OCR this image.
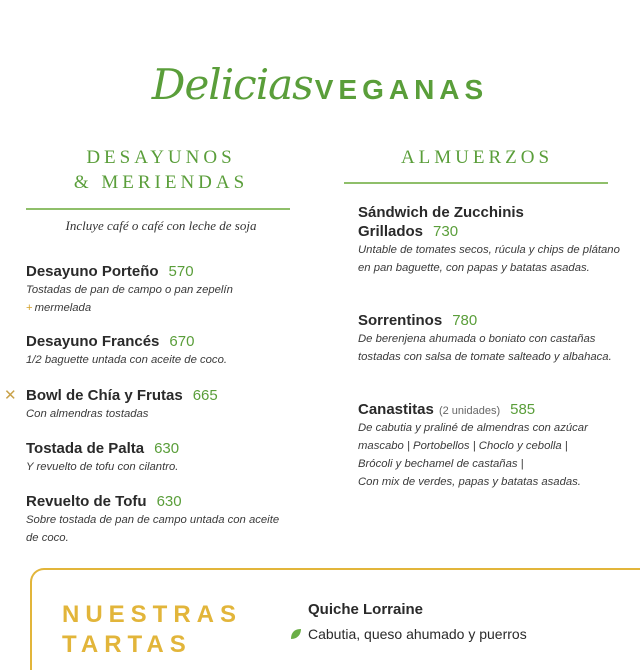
DeliciasVEGANAS
DESAYUNOS
& MERIENDAS
Incluye café o café con leche de soja
Desayuno Porteño 570
Tostadas de pan de campo o pan zepelín
+ mermelada
Desayuno Francés 670
1/2 baguette untada con aceite de coco.
✕ Bowl de Chía y Frutas 665
Con almendras tostadas
Tostada de Palta 630
Y revuelto de tofu con cilantro.
Revuelto de Tofu 630
Sobre tostada de pan de campo untada con aceite de coco.
ALMUERZOS
Sándwich de Zucchinis
Grillados 730
Untable de tomates secos, rúcula y chips de plátano en pan baguette, con papas y batatas asadas.
Sorrentinos 780
De berenjena ahumada o boniato con castañas tostadas con salsa de tomate salteado y albahaca.
Canastitas (2 unidades) 585
De cabutia y praliné de almendras con azúcar
mascabo | Portobellos | Choclo y cebolla |
Brócoli y bechamel de castañas |
Con mix de verdes, papas y batatas asadas.
NUESTRAS
TARTAS
Quiche Lorraine
Cabutia, queso ahumado y puerros
